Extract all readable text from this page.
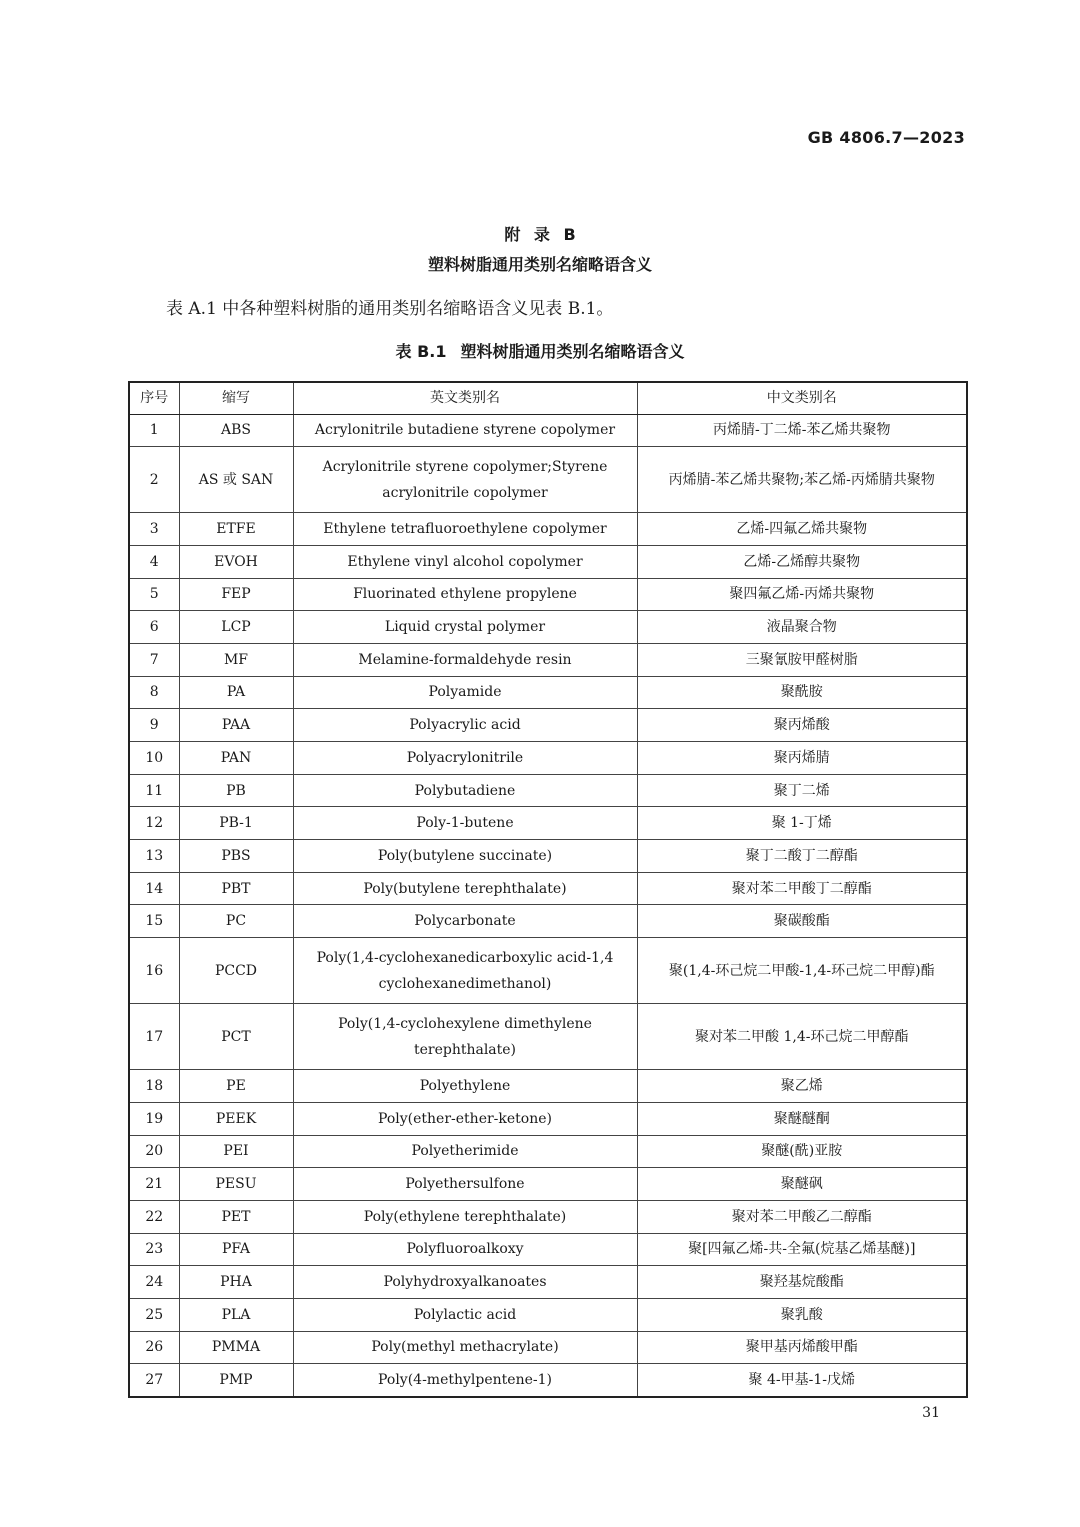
GB 4806.7—2023
附 录 B
塑料树脂通用类别名缩略语含义
表 A.1 中各种塑料树脂的通用类别名缩略语含义见表 B.1。
表 B.1 塑料树脂通用类别名缩略语含义
序号	缩写	英文类别名	中文类别名
1	ABS	Acrylonitrile butadiene styrene copolymer	丙烯腈-丁二烯-苯乙烯共聚物
2	AS 或 SAN	Acrylonitrile styrene copolymer;Styrene acrylonitrile copolymer	丙烯腈-苯乙烯共聚物;苯乙烯-丙烯腈共聚物
3	ETFE	Ethylene tetrafluoroethylene copolymer	乙烯-四氟乙烯共聚物
4	EVOH	Ethylene vinyl alcohol copolymer	乙烯-乙烯醇共聚物
5	FEP	Fluorinated ethylene propylene	聚四氟乙烯-丙烯共聚物
6	LCP	Liquid crystal polymer	液晶聚合物
7	MF	Melamine-formaldehyde resin	三聚氰胺甲醛树脂
8	PA	Polyamide	聚酰胺
9	PAA	Polyacrylic acid	聚丙烯酸
10	PAN	Polyacrylonitrile	聚丙烯腈
11	PB	Polybutadiene	聚丁二烯
12	PB-1	Poly-1-butene	聚 1-丁烯
13	PBS	Poly(butylene succinate)	聚丁二酸丁二醇酯
14	PBT	Poly(butylene terephthalate)	聚对苯二甲酸丁二醇酯
15	PC	Polycarbonate	聚碳酸酯
16	PCCD	Poly(1,4-cyclohexanedicarboxylic acid-1,4 cyclohexanedimethanol)	聚(1,4-环己烷二甲酸-1,4-环己烷二甲醇)酯
17	PCT	Poly(1,4-cyclohexylene dimethylene terephthalate)	聚对苯二甲酸 1,4-环己烷二甲醇酯
18	PE	Polyethylene	聚乙烯
19	PEEK	Poly(ether-ether-ketone)	聚醚醚酮
20	PEI	Polyetherimide	聚醚(酰)亚胺
21	PESU	Polyethersulfone	聚醚砜
22	PET	Poly(ethylene terephthalate)	聚对苯二甲酸乙二醇酯
23	PFA	Polyfluoroalkoxy	聚[四氟乙烯-共-全氟(烷基乙烯基醚)]
24	PHA	Polyhydroxyalkanoates	聚羟基烷酸酯
25	PLA	Polylactic acid	聚乳酸
26	PMMA	Poly(methyl methacrylate)	聚甲基丙烯酸甲酯
27	PMP	Poly(4-methylpentene-1)	聚 4-甲基-1-戊烯
31
